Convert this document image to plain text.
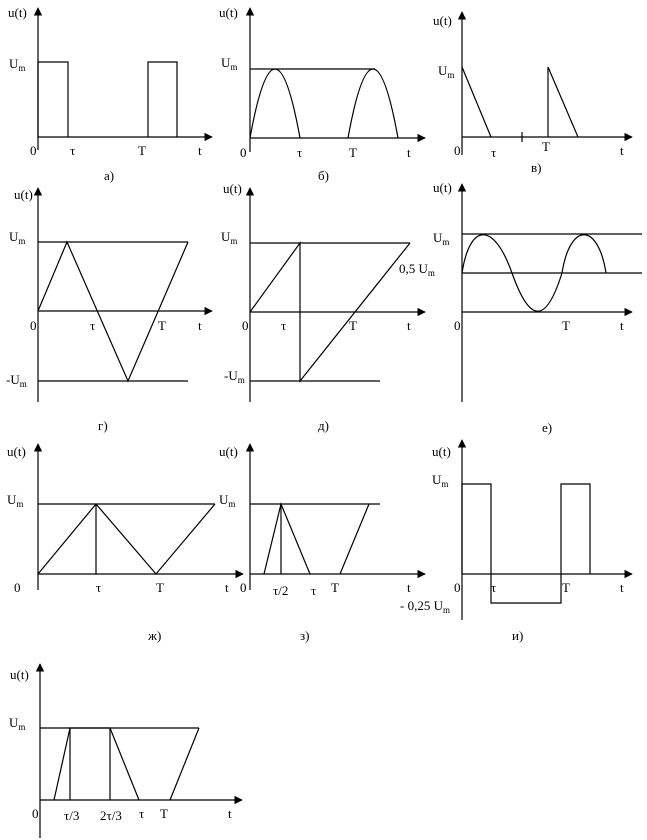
u(t)
$U_m$
0	τ	T	t
а)
u(t)
$U_m$
0	τ	T	t
б)
u(t)
$U_m$
0 τ	T	t
в)
u(t)
$U_m$
$-U_m$
0	τ	T t
г)
u(t)
$U_m$
$-U_m$
0	τ	T	t
д)
u(t)
$U_m$
0,5 $U_m$
0	T	t
е)
u(t)
$U_m$
0	τ	T	t
ж)
u(t)
$U_m$
0 τ/2 τ T	t
з)
u(t)
$U_m$
- 0,25 $U_m$
0 τ	T	t
и)
u(t)
$U_m$
0 τ/3 2τ/3 τ T	t
